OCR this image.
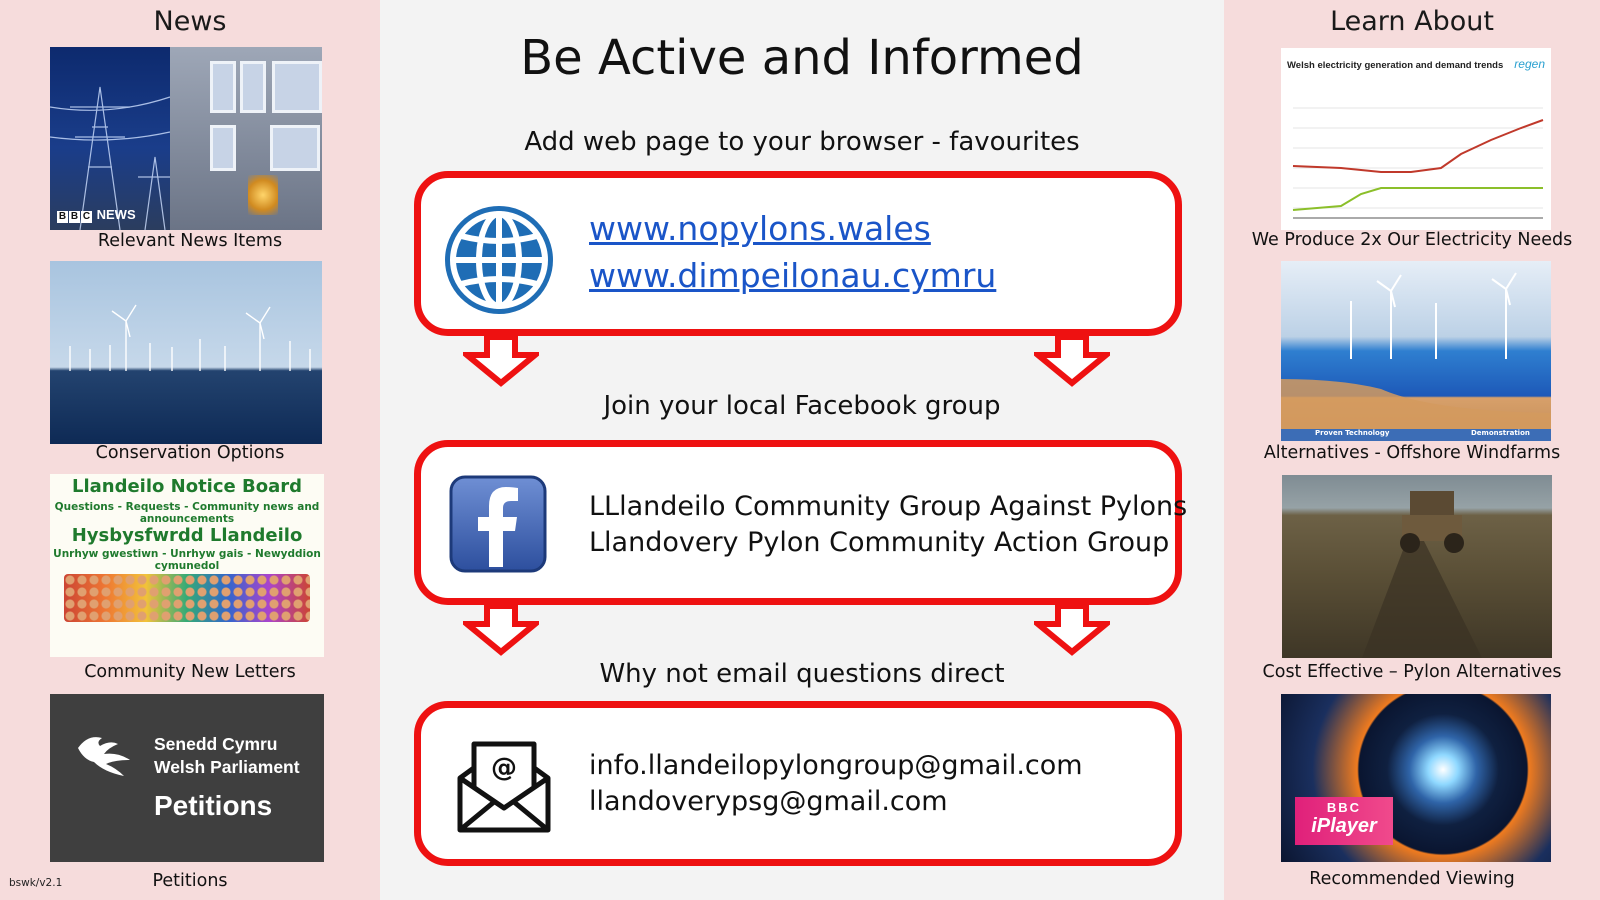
News
B B C NEWS
Relevant News Items
Conservation Options
Llandeilo Notice Board
Questions - Requests - Community news and announcements
Hysbysfwrdd Llandeilo
Unrhyw gwestiwn - Unrhyw gais - Newyddion cymunedol
Community New Letters
Senedd Cymru
Welsh Parliament
Petitions
Petitions
bswk/v2.1
Be Active and Informed
Add web page to your browser - favourites
www.nopylons.wales
www.dimpeilonau.cymru
Join your local Facebook group
LLlandeilo Community Group Against Pylons
Llandovery Pylon Community Action Group
Why not email questions direct
@	info.llandeilopylongroup@gmail.com
llandoverypsg@gmail.com
Learn About
Welsh electricity generation and demand trends regen
We Produce 2x Our Electricity Needs
Proven Technology	Demonstration
Alternatives - Offshore Windfarms
Cost Effective – Pylon Alternatives
BBC
iPlayer
Recommended Viewing
